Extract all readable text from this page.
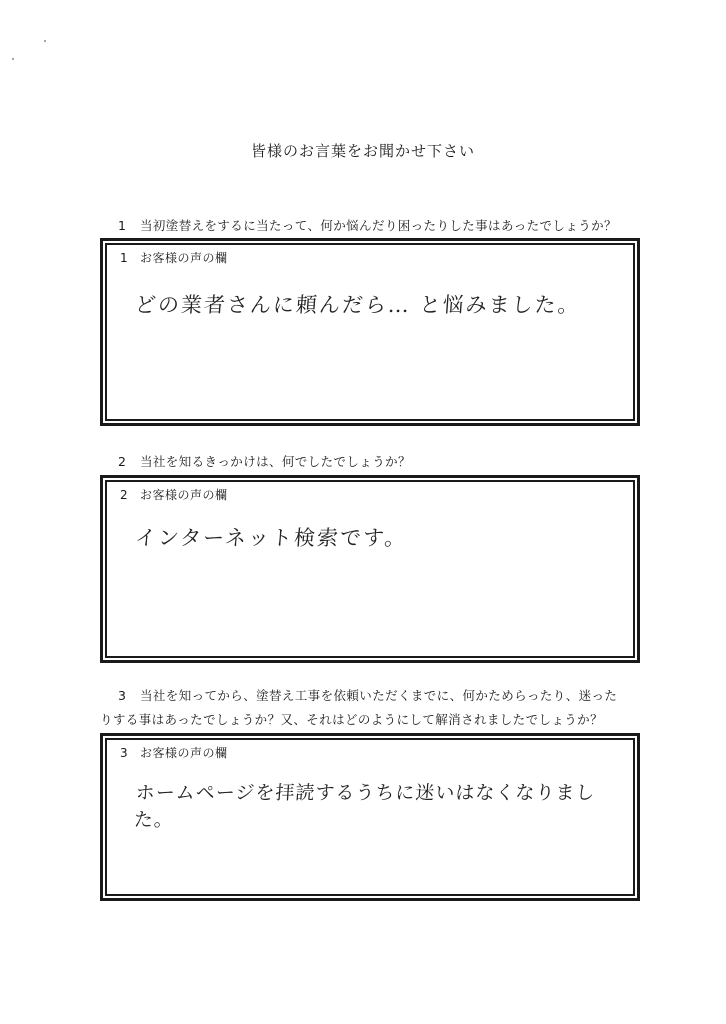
皆様のお言葉をお聞かせ下さい
1 当初塗替えをするに当たって、何か悩んだり困ったりした事はあったでしょうか？
1 お客様の声の欄
どの業者さんに頼んだら… と悩みました。
2 当社を知るきっかけは、何でしたでしょうか？
2 お客様の声の欄
インターネット検索です。
3 当社を知ってから、塗替え工事を依頼いただくまでに、何かためらったり、迷った
りする事はあったでしょうか？又、それはどのようにして解消されましたでしょうか？
3 お客様の声の欄
ホームページを拝読するうちに迷いはなくなりました。
